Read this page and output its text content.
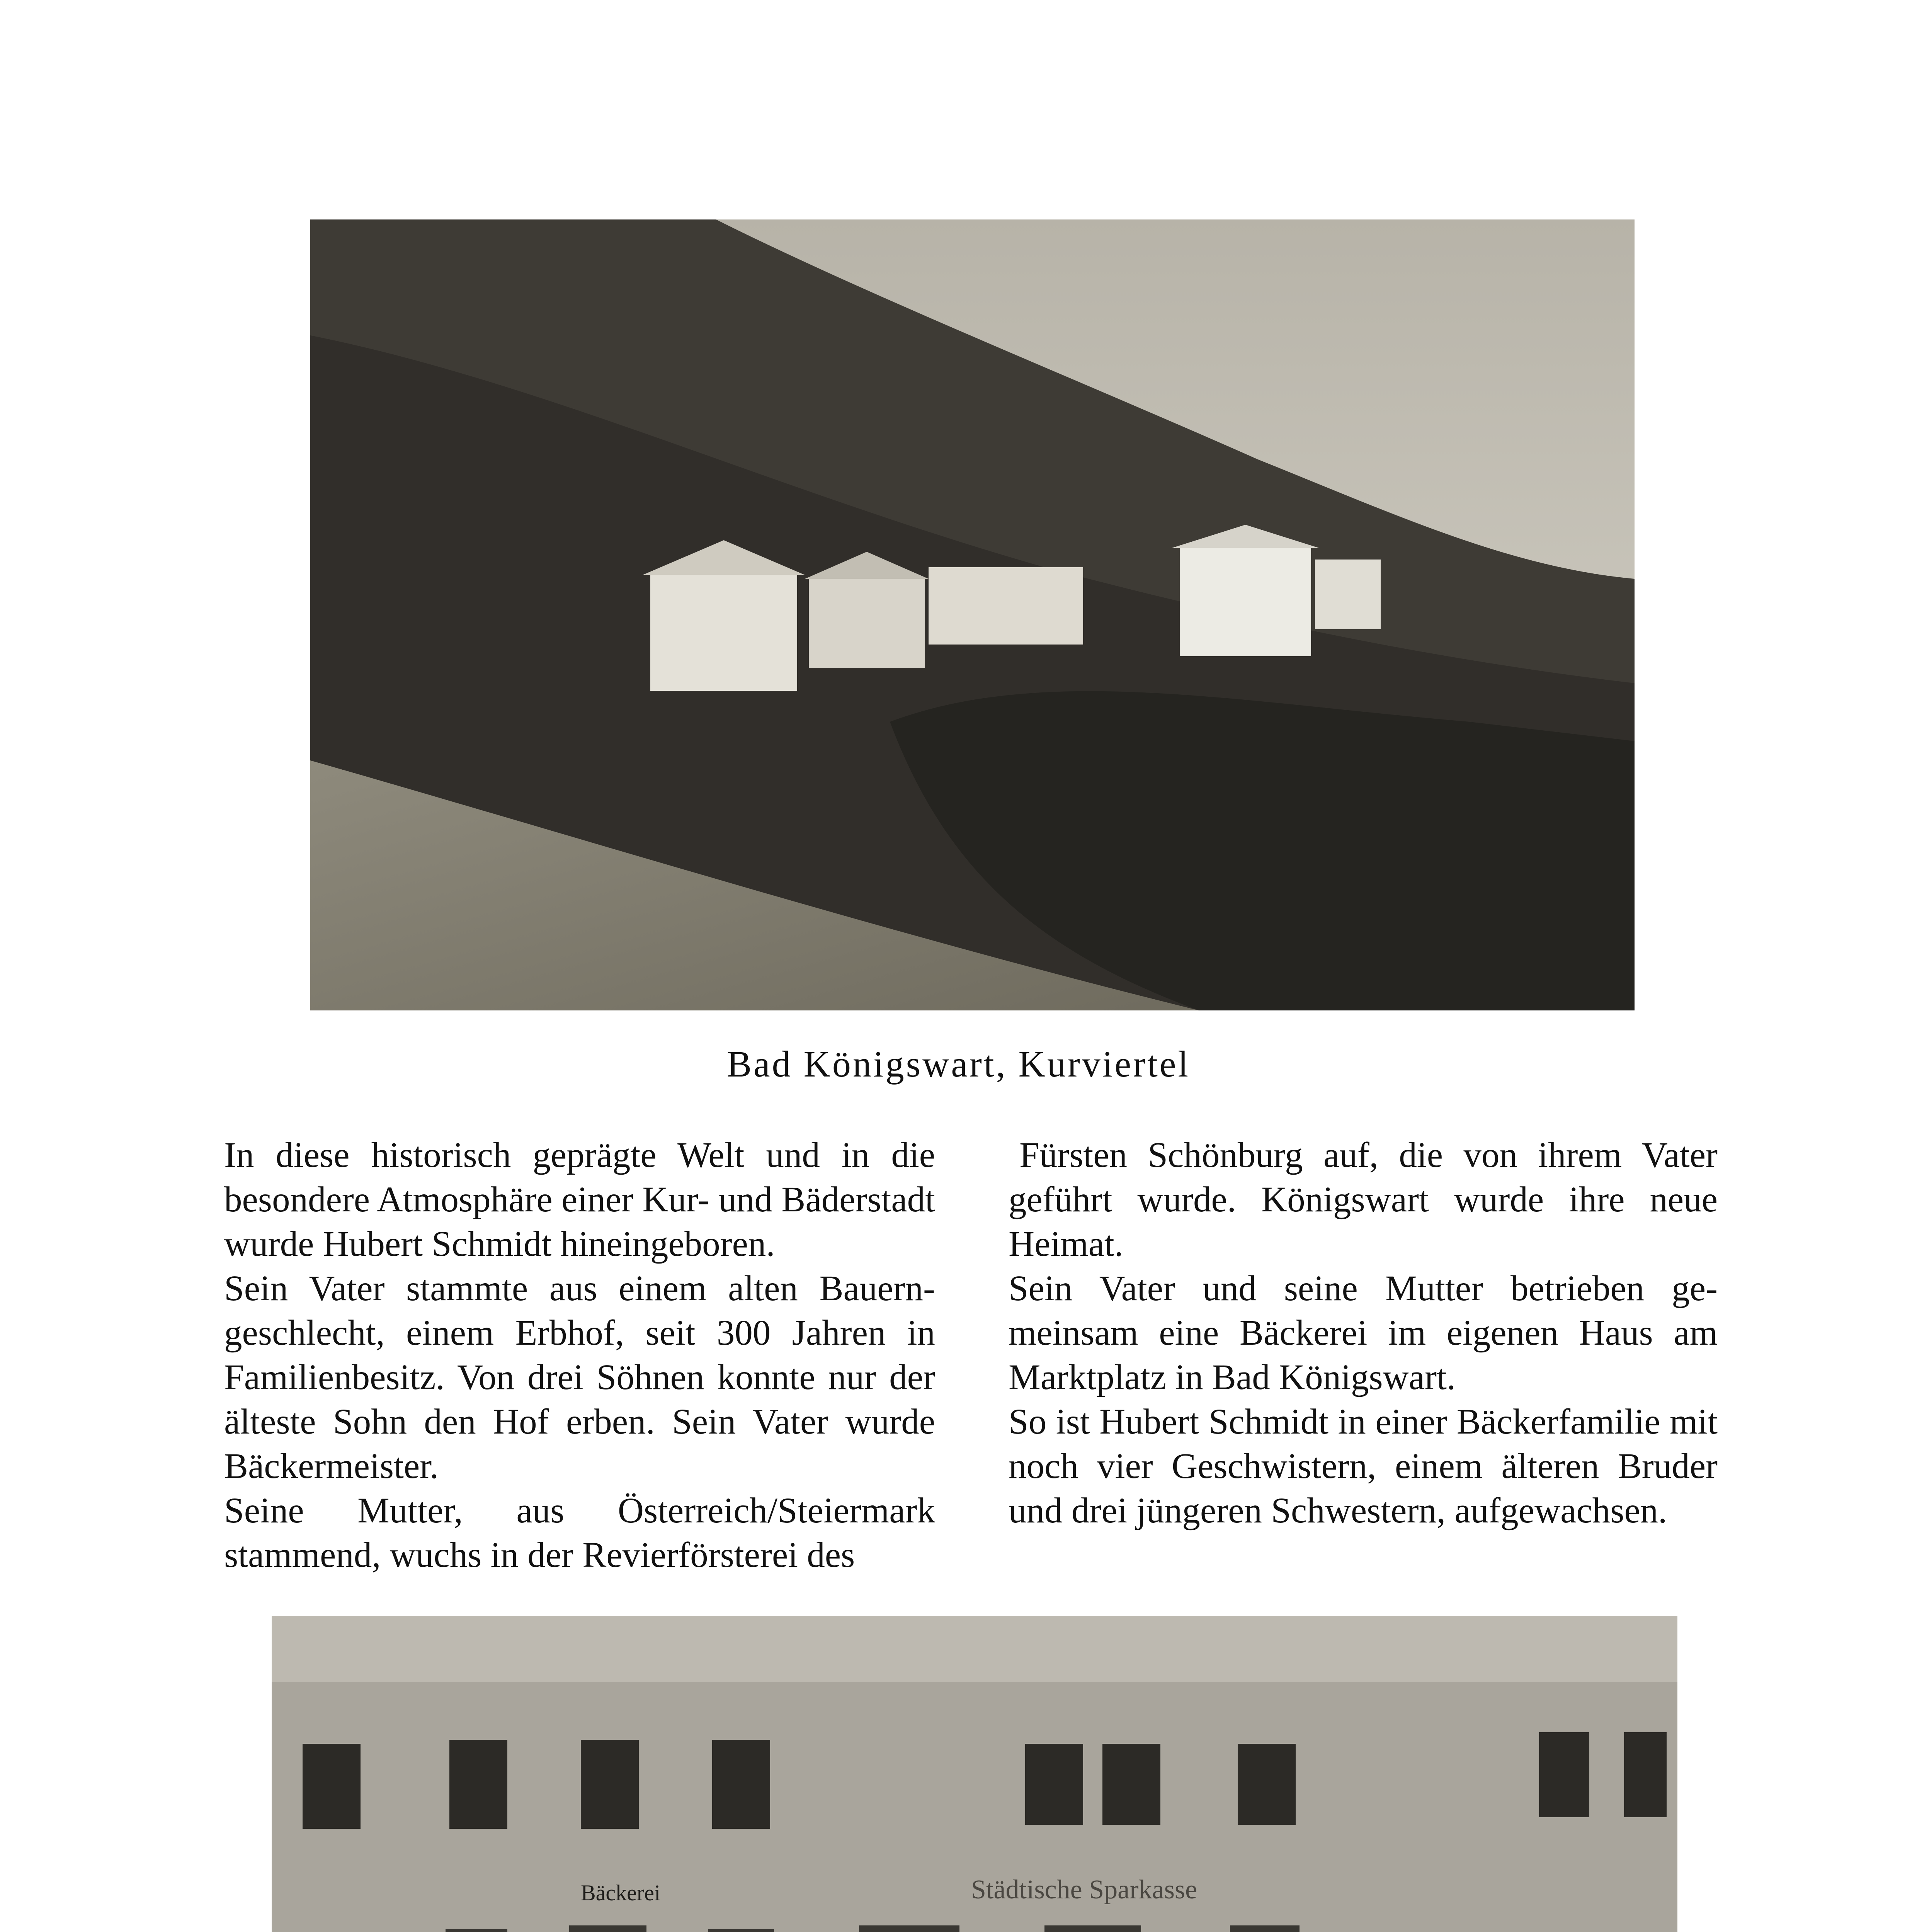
Bad Königswart, Kurviertel

In diese historisch geprägte Welt und in die besondere Atmosphäre einer Kur- und Bäderstadt wurde Hubert Schmidt hineingeboren.

Sein Vater stammte aus einem alten Bauerngeschlecht, einem Erbhof, seit 300 Jahren in Familienbesitz. Von drei Söhnen konnte nur der älteste Sohn den Hof erben. Sein Vater wurde Bäckermeister.

Seine Mutter, aus Österreich/Steiermark stammend, wuchs in der Revierförsterei des

Fürsten Schönburg auf, die von ihrem Vater geführt wurde. Königswart wurde ihre neue Heimat.

Sein Vater und seine Mutter betrieben gemeinsam eine Bäckerei im eigenen Haus am Marktplatz in Bad Königswart.

So ist Hubert Schmidt in einer Bäckerfamilie mit noch vier Geschwistern, einem älteren Bruder und drei jüngeren Schwestern, aufgewachsen.

Bäckerei	Städtische Sparkasse
